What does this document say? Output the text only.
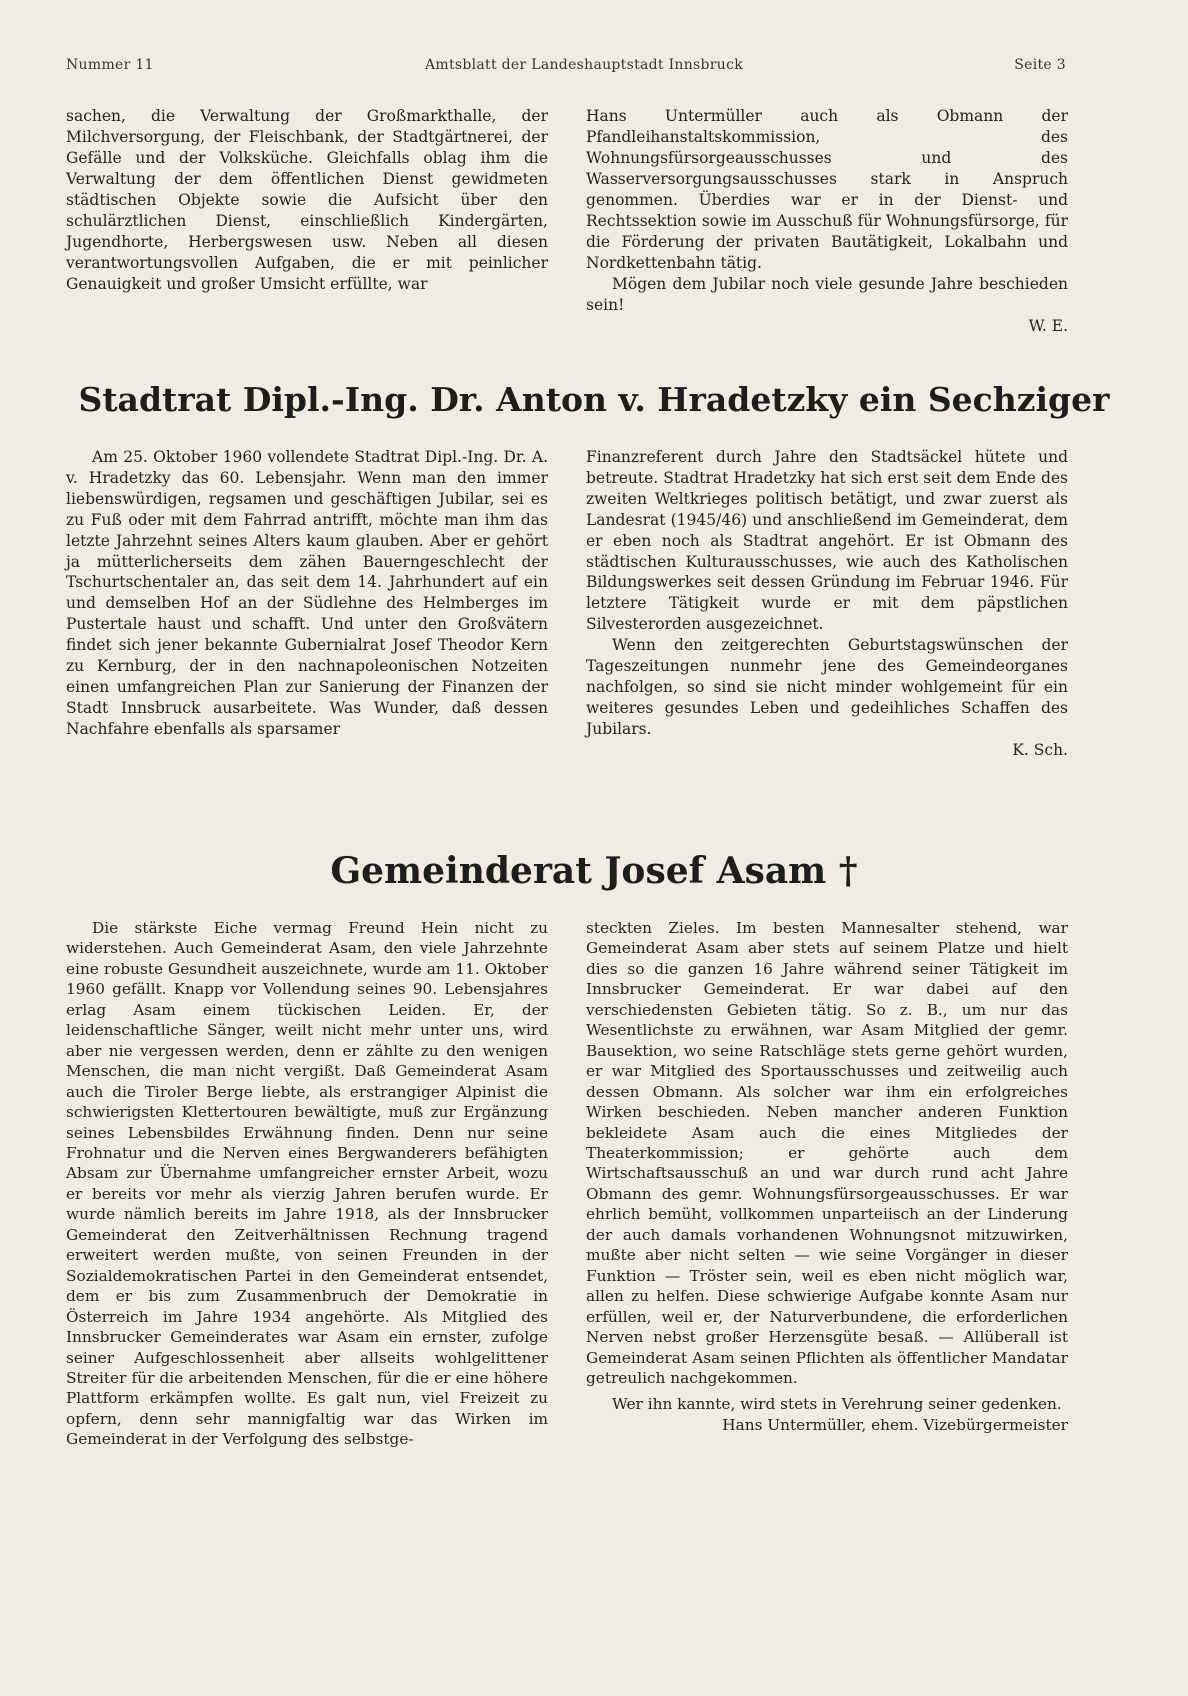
Nummer 11	Amtsblatt der Landeshauptstadt Innsbruck	Seite 3

sachen, die Verwaltung der Großmarkthalle, der Milchversorgung, der Fleischbank, der Stadtgärtnerei, der Gefälle und der Volksküche. Gleichfalls oblag ihm die Verwaltung der dem öffentlichen Dienst gewidmeten städtischen Objekte sowie die Aufsicht über den schulärztlichen Dienst, einschließlich Kindergärten, Jugendhorte, Herbergswesen usw. Neben all diesen verantwortungsvollen Aufgaben, die er mit peinlicher Genauigkeit und großer Umsicht erfüllte, war

Hans Untermüller auch als Obmann der Pfandleihanstaltskommission, des Wohnungsfürsorgeausschusses und des Wasserversorgungsausschusses stark in Anspruch genommen. Überdies war er in der Dienst- und Rechtssektion sowie im Ausschuß für Wohnungsfürsorge, für die Förderung der privaten Bautätigkeit, Lokalbahn und Nordkettenbahn tätig.

Mögen dem Jubilar noch viele gesunde Jahre beschieden sein!

W. E.

Stadtrat Dipl.-Ing. Dr. Anton v. Hradetzky ein Sechziger

Am 25. Oktober 1960 vollendete Stadtrat Dipl.-Ing. Dr. A. v. Hradetzky das 60. Lebensjahr. Wenn man den immer liebenswürdigen, regsamen und geschäftigen Jubilar, sei es zu Fuß oder mit dem Fahrrad antrifft, möchte man ihm das letzte Jahrzehnt seines Alters kaum glauben. Aber er gehört ja mütterlicherseits dem zähen Bauerngeschlecht der Tschurtschentaler an, das seit dem 14. Jahrhundert auf ein und demselben Hof an der Südlehne des Helmberges im Pustertale haust und schafft. Und unter den Großvätern findet sich jener bekannte Gubernialrat Josef Theodor Kern zu Kernburg, der in den nachnapoleonischen Notzeiten einen umfangreichen Plan zur Sanierung der Finanzen der Stadt Innsbruck ausarbeitete. Was Wunder, daß dessen Nachfahre ebenfalls als sparsamer

Finanzreferent durch Jahre den Stadtsäckel hütete und betreute. Stadtrat Hradetzky hat sich erst seit dem Ende des zweiten Weltkrieges politisch betätigt, und zwar zuerst als Landesrat (1945/46) und anschließend im Gemeinderat, dem er eben noch als Stadtrat angehört. Er ist Obmann des städtischen Kulturausschusses, wie auch des Katholischen Bildungswerkes seit dessen Gründung im Februar 1946. Für letztere Tätigkeit wurde er mit dem päpstlichen Silvesterorden ausgezeichnet.

Wenn den zeitgerechten Geburtstagswünschen der Tageszeitungen nunmehr jene des Gemeindeorganes nachfolgen, so sind sie nicht minder wohlgemeint für ein weiteres gesundes Leben und gedeihliches Schaffen des Jubilars.

K. Sch.

Gemeinderat Josef Asam †

Die stärkste Eiche vermag Freund Hein nicht zu widerstehen. Auch Gemeinderat Asam, den viele Jahrzehnte eine robuste Gesundheit auszeichnete, wurde am 11. Oktober 1960 gefällt. Knapp vor Vollendung seines 90. Lebensjahres erlag Asam einem tückischen Leiden. Er, der leidenschaftliche Sänger, weilt nicht mehr unter uns, wird aber nie vergessen werden, denn er zählte zu den wenigen Menschen, die man nicht vergißt. Daß Gemeinderat Asam auch die Tiroler Berge liebte, als erstrangiger Alpinist die schwierigsten Klettertouren bewältigte, muß zur Ergänzung seines Lebensbildes Erwähnung finden. Denn nur seine Frohnatur und die Nerven eines Bergwanderers befähigten Absam zur Übernahme umfangreicher ernster Arbeit, wozu er bereits vor mehr als vierzig Jahren berufen wurde. Er wurde nämlich bereits im Jahre 1918, als der Innsbrucker Gemeinderat den Zeitverhältnissen Rechnung tragend erweitert werden mußte, von seinen Freunden in der Sozialdemokratischen Partei in den Gemeinderat entsendet, dem er bis zum Zusammenbruch der Demokratie in Österreich im Jahre 1934 angehörte. Als Mitglied des Innsbrucker Gemeinderates war Asam ein ernster, zufolge seiner Aufgeschlossenheit aber allseits wohlgelittener Streiter für die arbeitenden Menschen, für die er eine höhere Plattform erkämpfen wollte. Es galt nun, viel Freizeit zu opfern, denn sehr mannigfaltig war das Wirken im Gemeinderat in der Verfolgung des selbstge-

steckten Zieles. Im besten Mannesalter stehend, war Gemeinderat Asam aber stets auf seinem Platze und hielt dies so die ganzen 16 Jahre während seiner Tätigkeit im Innsbrucker Gemeinderat. Er war dabei auf den verschiedensten Gebieten tätig. So z. B., um nur das Wesentlichste zu erwähnen, war Asam Mitglied der gemr. Bausektion, wo seine Ratschläge stets gerne gehört wurden, er war Mitglied des Sportausschusses und zeitweilig auch dessen Obmann. Als solcher war ihm ein erfolgreiches Wirken beschieden. Neben mancher anderen Funktion bekleidete Asam auch die eines Mitgliedes der Theaterkommission; er gehörte auch dem Wirtschaftsausschuß an und war durch rund acht Jahre Obmann des gemr. Wohnungsfürsorgeausschusses. Er war ehrlich bemüht, vollkommen unparteiisch an der Linderung der auch damals vorhandenen Wohnungsnot mitzuwirken, mußte aber nicht selten — wie seine Vorgänger in dieser Funktion — Tröster sein, weil es eben nicht möglich war, allen zu helfen. Diese schwierige Aufgabe konnte Asam nur erfüllen, weil er, der Naturverbundene, die erforderlichen Nerven nebst großer Herzensgüte besaß. — Allüberall ist Gemeinderat Asam seinen Pflichten als öffentlicher Mandatar getreulich nachgekommen.

Wer ihn kannte, wird stets in Verehrung seiner gedenken.

Hans Untermüller, ehem. Vizebürgermeister
